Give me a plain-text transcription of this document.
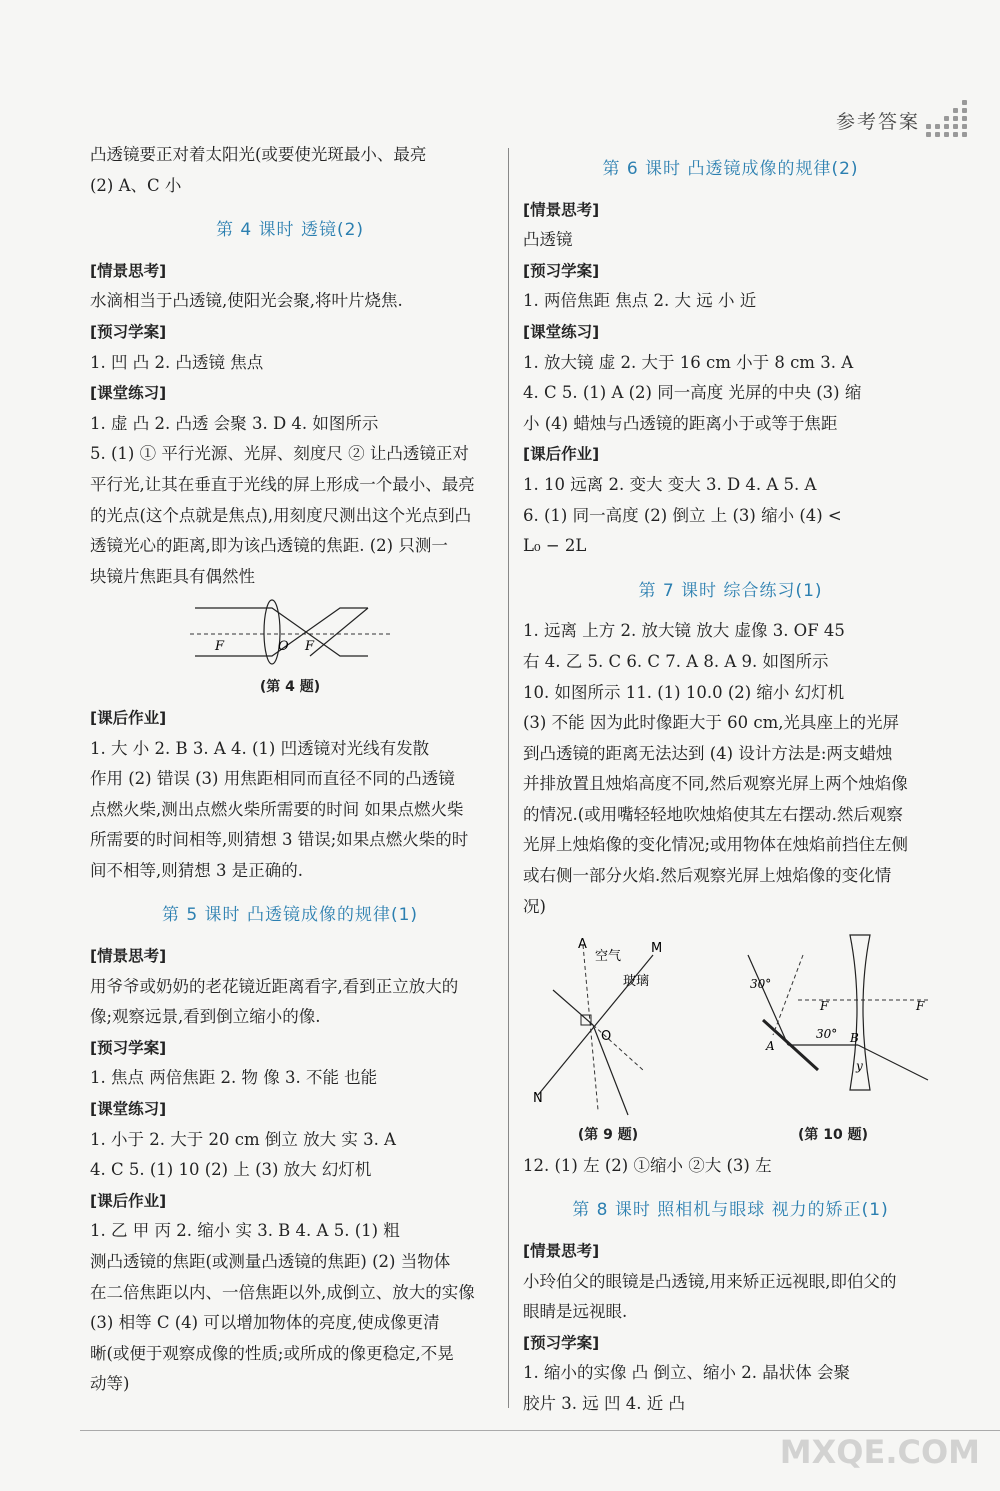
参考答案
凸透镜要正对着太阳光(或要使光斑最小、最亮
(2) A、C 小
第 4 课时 透镜(2)
[情景思考]
水滴相当于凸透镜,使阳光会聚,将叶片烧焦.
[预习学案]
1. 凹 凸 2. 凸透镜 焦点
[课堂练习]
1. 虚 凸 2. 凸透 会聚 3. D 4. 如图所示
5. (1) ① 平行光源、光屏、刻度尺 ② 让凸透镜正对
平行光,让其在垂直于光线的屏上形成一个最小、最亮
的光点(这个点就是焦点),用刻度尺测出这个光点到凸
透镜光心的距离,即为该凸透镜的焦距. (2) 只测一
块镜片焦距具有偶然性
F	O F
(第 4 题)
[课后作业]
1. 大 小 2. B 3. A 4. (1) 凹透镜对光线有发散
作用 (2) 错误 (3) 用焦距相同而直径不同的凸透镜
点燃火柴,测出点燃火柴所需要的时间 如果点燃火柴
所需要的时间相等,则猜想 3 错误;如果点燃火柴的时
间不相等,则猜想 3 是正确的.
第 5 课时 凸透镜成像的规律(1)
[情景思考]
用爷爷或奶奶的老花镜近距离看字,看到正立放大的
像;观察远景,看到倒立缩小的像.
[预习学案]
1. 焦点 两倍焦距 2. 物 像 3. 不能 也能
[课堂练习]
1. 小于 2. 大于 20 cm 倒立 放大 实 3. A
4. C 5. (1) 10 (2) 上 (3) 放大 幻灯机
[课后作业]
1. 乙 甲 丙 2. 缩小 实 3. B 4. A 5. (1) 粗
测凸透镜的焦距(或测量凸透镜的焦距) (2) 当物体
在二倍焦距以内、一倍焦距以外,成倒立、放大的实像
(3) 相等 C (4) 可以增加物体的亮度,使成像更清
晰(或便于观察成像的性质;或所成的像更稳定,不晃
动等)
第 6 课时 凸透镜成像的规律(2)
[情景思考]
凸透镜
[预习学案]
1. 两倍焦距 焦点 2. 大 远 小 近
[课堂练习]
1. 放大镜 虚 2. 大于 16 cm 小于 8 cm 3. A
4. C 5. (1) A (2) 同一高度 光屏的中央 (3) 缩
小 (4) 蜡烛与凸透镜的距离小于或等于焦距
[课后作业]
1. 10 远离 2. 变大 变大 3. D 4. A 5. A
6. (1) 同一高度 (2) 倒立 上 (3) 缩小 (4) <
L₀ − 2L
第 7 课时 综合练习(1)
1. 远离 上方 2. 放大镜 放大 虚像 3. OF 45
右 4. 乙 5. C 6. C 7. A 8. A 9. 如图所示
10. 如图所示 11. (1) 10.0 (2) 缩小 幻灯机
(3) 不能 因为此时像距大于 60 cm,光具座上的光屏
到凸透镜的距离无法达到 (4) 设计方法是:两支蜡烛
并排放置且烛焰高度不同,然后观察光屏上两个烛焰像
的情况.(或用嘴轻轻地吹烛焰使其左右摆动.然后观察
光屏上烛焰像的变化情况;或用物体在烛焰前挡住左侧
或右侧一部分火焰.然后观察光屏上烛焰像的变化情
况)
A
空气
M
玻璃
O
N
(第 9 题)
30°
30°
A
B
F	F
y
(第 10 题)
12. (1) 左 (2) ①缩小 ②大 (3) 左
第 8 课时 照相机与眼球 视力的矫正(1)
[情景思考]
小玲伯父的眼镜是凸透镜,用来矫正远视眼,即伯父的
眼睛是远视眼.
[预习学案]
1. 缩小的实像 凸 倒立、缩小 2. 晶状体 会聚
胶片 3. 远 凹 4. 近 凸
MXQE.COM
